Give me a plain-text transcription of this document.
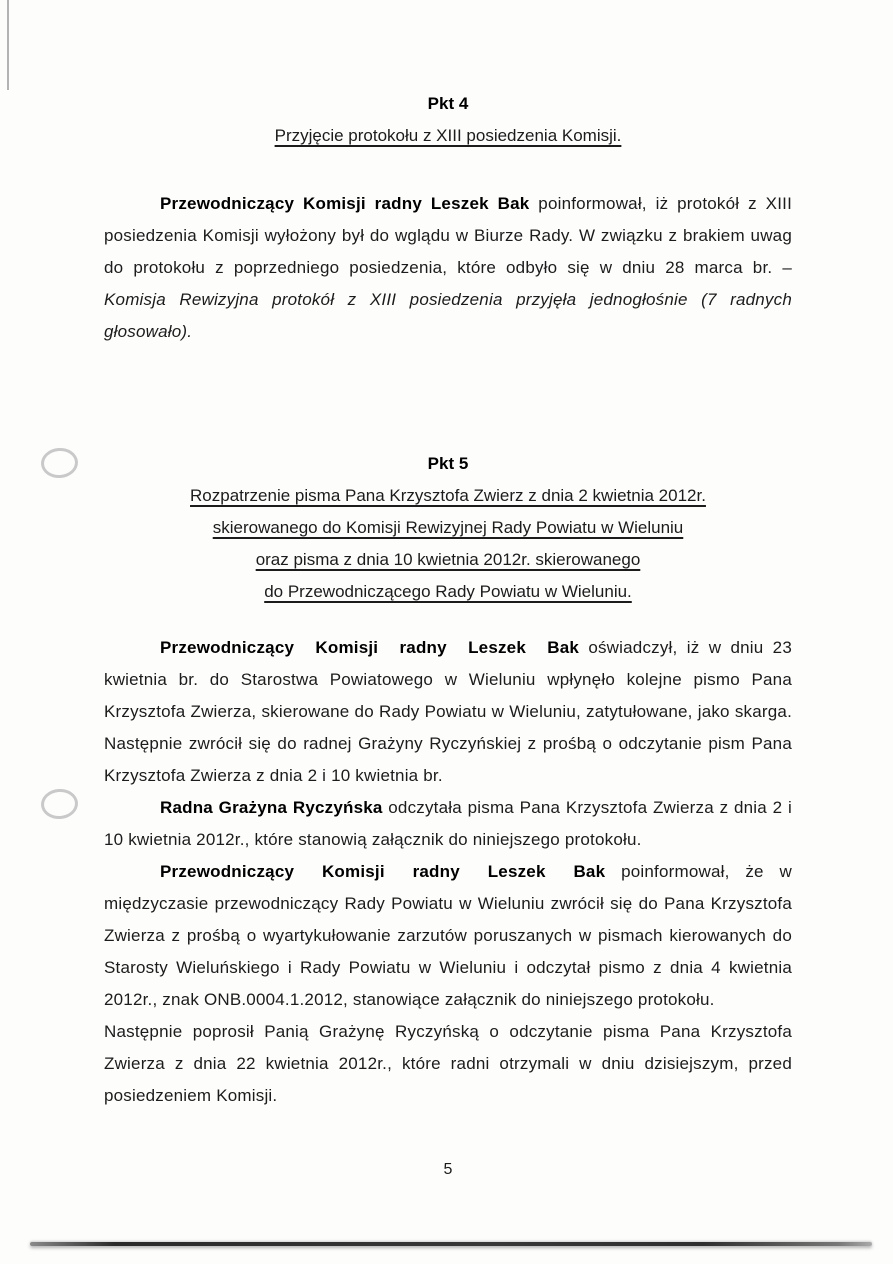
Pkt 4
Przyjęcie protokołu z XIII posiedzenia Komisji.

Przewodniczący Komisji radny Leszek Bak poinformował, iż protokół z XIII posiedzenia Komisji wyłożony był do wglądu w Biurze Rady. W związku z brakiem uwag do protokołu z poprzedniego posiedzenia, które odbyło się w dniu 28 marca br. – Komisja Rewizyjna protokół z XIII posiedzenia przyjęła jednogłośnie (7 radnych głosowało).

Pkt 5
Rozpatrzenie pisma Pana Krzysztofa Zwierz z dnia 2 kwietnia 2012r.
skierowanego do Komisji Rewizyjnej Rady Powiatu w Wieluniu
oraz pisma z dnia 10 kwietnia 2012r. skierowanego
do Przewodniczącego Rady Powiatu w Wieluniu.

Przewodniczący Komisji radny Leszek Bak oświadczył, iż w dniu 23 kwietnia br. do Starostwa Powiatowego w Wieluniu wpłynęło kolejne pismo Pana Krzysztofa Zwierza, skierowane do Rady Powiatu w Wieluniu, zatytułowane, jako skarga. Następnie zwrócił się do radnej Grażyny Ryczyńskiej z prośbą o odczytanie pism Pana Krzysztofa Zwierza z dnia 2 i 10 kwietnia br.

Radna Grażyna Ryczyńska odczytała pisma Pana Krzysztofa Zwierza z dnia 2 i 10 kwietnia 2012r., które stanowią załącznik do niniejszego protokołu.

Przewodniczący Komisji radny Leszek Bak poinformował, że w międzyczasie przewodniczący Rady Powiatu w Wieluniu zwrócił się do Pana Krzysztofa Zwierza z prośbą o wyartykułowanie zarzutów poruszanych w pismach kierowanych do Starosty Wieluńskiego i Rady Powiatu w Wieluniu i odczytał pismo z dnia 4 kwietnia 2012r., znak ONB.0004.1.2012, stanowiące załącznik do niniejszego protokołu.

Następnie poprosił Panią Grażynę Ryczyńską o odczytanie pisma Pana Krzysztofa Zwierza z dnia 22 kwietnia 2012r., które radni otrzymali w dniu dzisiejszym, przed posiedzeniem Komisji.

5
